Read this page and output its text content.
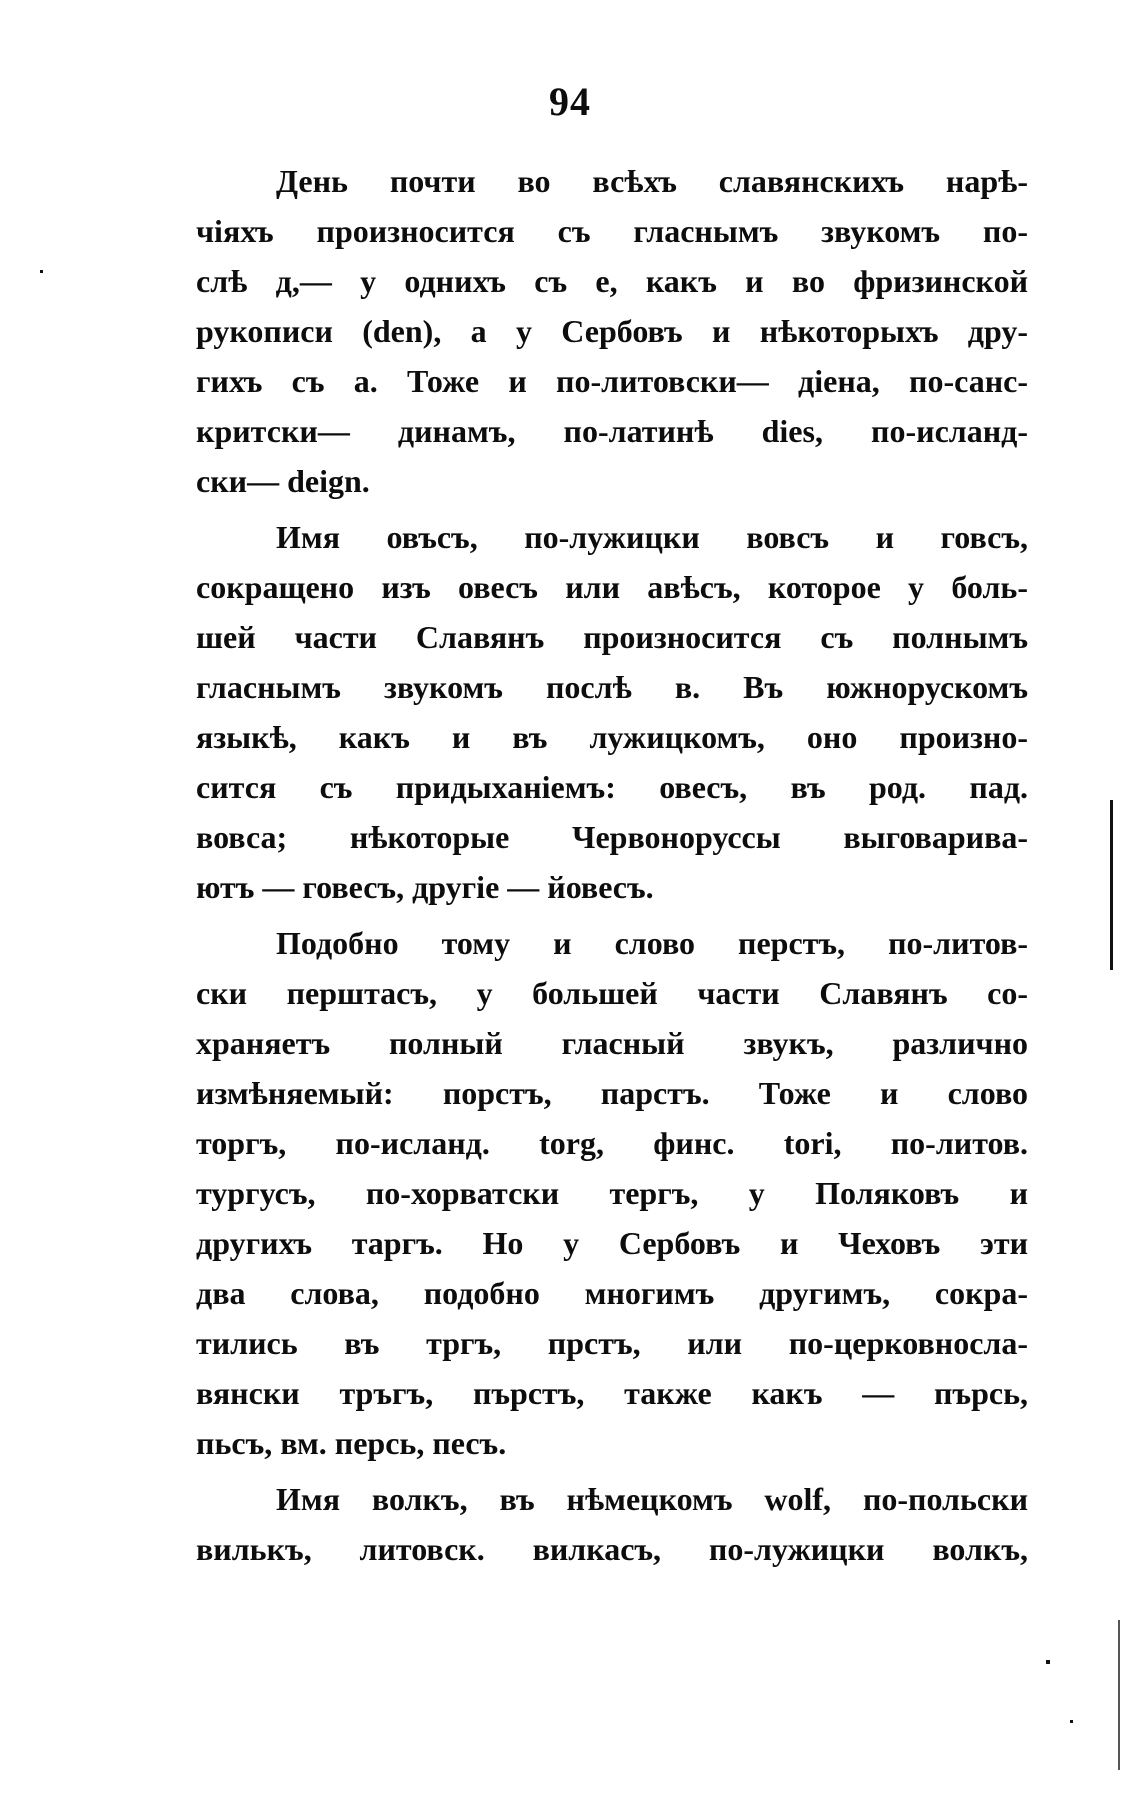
94
День почти во всѣхъ славянскихъ нарѣ-
чіяхъ произносится съ гласнымъ звукомъ по-
слѣ д,— у однихъ съ е, какъ и во фризинской
рукописи (den), а у Сербовъ и нѣкоторыхъ дру-
гихъ съ а. Тоже и по-литовски— діена, по-санс-
критски— динамъ, по-латинѣ dies, по-исланд-
ски— deign.
Имя овъсъ, по-лужицки вовсъ и говсъ,
сокращено изъ овесъ или авѣсъ, которое у боль-
шей части Славянъ произносится съ полнымъ
гласнымъ звукомъ послѣ в. Въ южнорускомъ
языкѣ, какъ и въ лужицкомъ, оно произно-
сится съ придыханіемъ: овесъ, въ род. пад.
вовса; нѣкоторые Червоноруссы выговарива-
ютъ — говесъ, другіе — йовесъ.
Подобно тому и слово перстъ, по-литов-
ски перштасъ, у большей части Славянъ со-
храняетъ полный гласный звукъ, различно
измѣняемый: порстъ, парстъ. Тоже и слово
торгъ, по-исланд. torg, финс. tori, по-литов.
тургусъ, по-хорватски тергъ, у Поляковъ и
другихъ таргъ. Но у Сербовъ и Чеховъ эти
два слова, подобно многимъ другимъ, сокра-
тились въ тргъ, прстъ, или по-церковносла-
вянски тръгъ, пърстъ, также какъ — пърсь,
пьсъ, вм. персь, песъ.
Имя волкъ, въ нѣмецкомъ wolf, по-польски
вилькъ, литовск. вилкасъ, по-лужицки волкъ,
